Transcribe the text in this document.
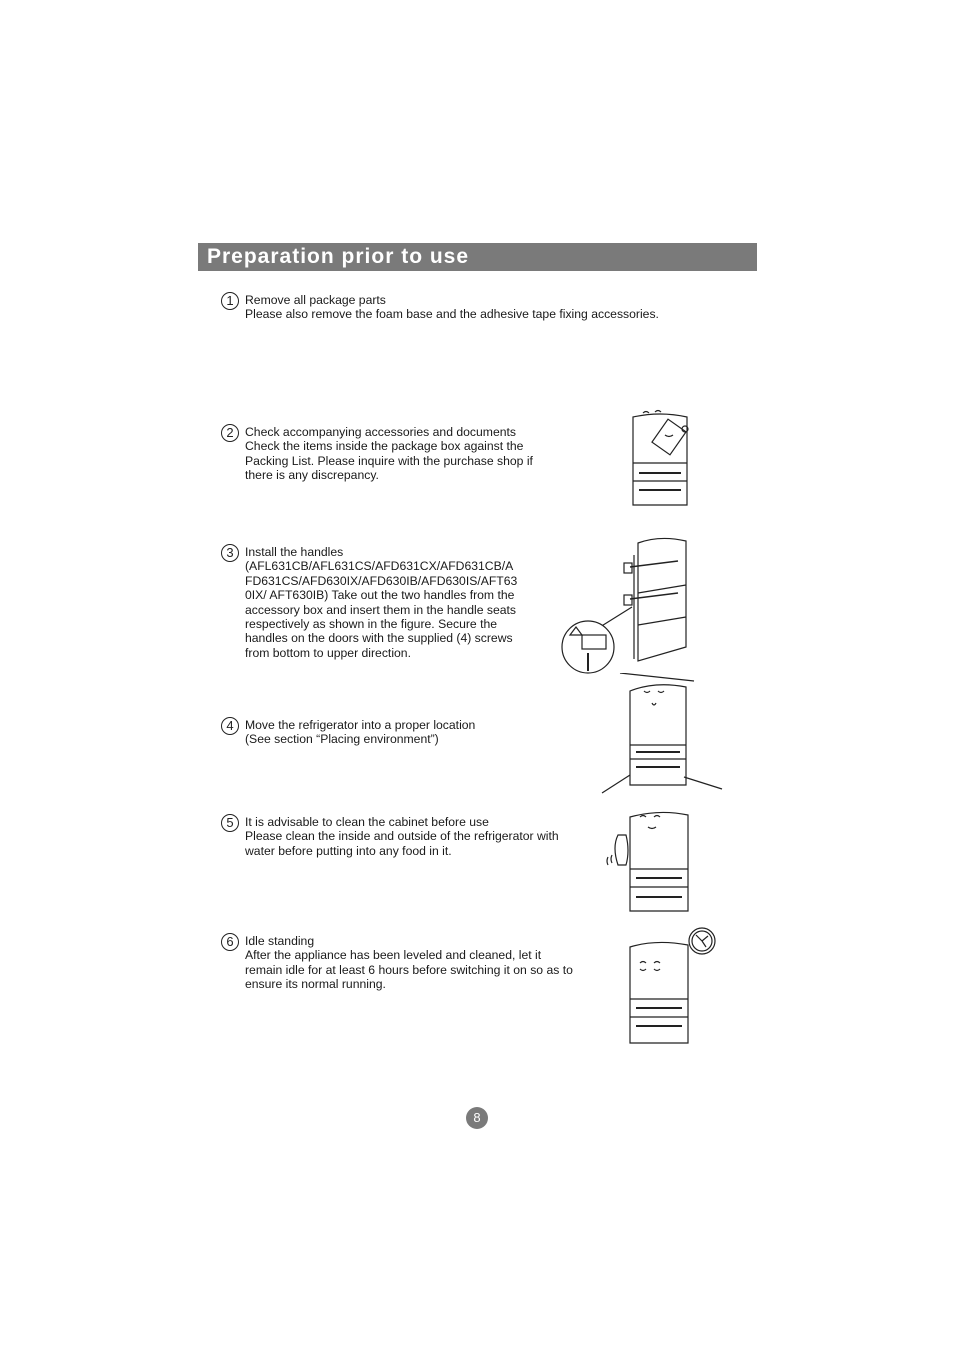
Preparation prior to use
1 Remove all package parts
Please also remove the foam base and the adhesive tape fixing accessories.
2 Check accompanying accessories and documents
Check the items inside the package box against the
Packing List. Please inquire with the purchase shop if
there is any discrepancy.
3 Install the handles
(AFL631CB/AFL631CS/AFD631CX/AFD631CB/A
FD631CS/AFD630IX/AFD630IB/AFD630IS/AFT63
0IX/ AFT630IB) Take out the two handles from the
accessory box and insert them in the handle seats
respectively as shown in the figure. Secure the
handles on the doors with the supplied (4) screws
from bottom to upper direction.
4 Move the refrigerator into a proper location
(See section “Placing environment”)
5 It is advisable to clean the cabinet before use
Please clean the inside and outside of the refrigerator with
water before putting into any food in it.
6 Idle standing
After the appliance has been leveled and cleaned, let it
remain idle for at least 6 hours before switching it on so as to
ensure its normal running.
8
